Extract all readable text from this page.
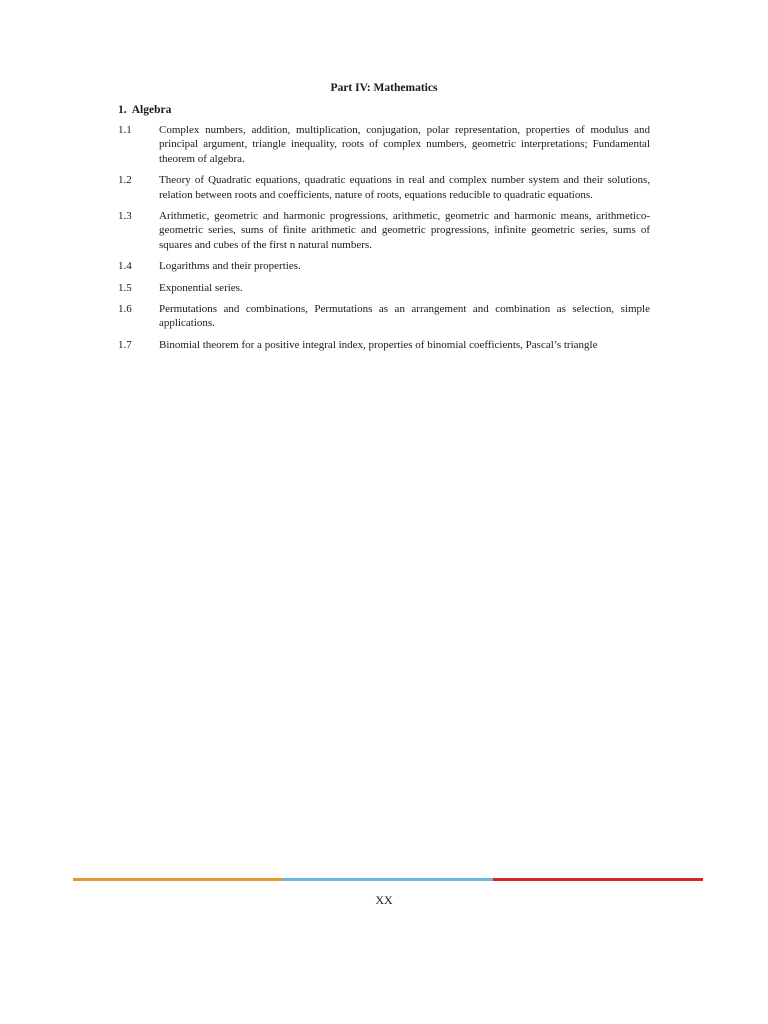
Part IV: Mathematics
1. Algebra
1.1	Complex numbers, addition, multiplication, conjugation, polar representation, properties of modulus and principal argument, triangle inequality, roots of complex numbers, geometric interpretations; Fundamental theorem of algebra.
1.2	Theory of Quadratic equations, quadratic equations in real and complex number system and their solutions, relation between roots and coefficients, nature of roots, equations reducible to quadratic equations.
1.3	Arithmetic, geometric and harmonic progressions, arithmetic, geometric and harmonic means, arithmetico-geometric series, sums of finite arithmetic and geometric progressions, infinite geometric series, sums of squares and cubes of the first n natural numbers.
1.4	Logarithms and their properties.
1.5	Exponential series.
1.6	Permutations and combinations, Permutations as an arrangement and combination as selection, simple applications.
1.7	Binomial theorem for a positive integral index, properties of binomial coefficients, Pascal’s triangle
XX
